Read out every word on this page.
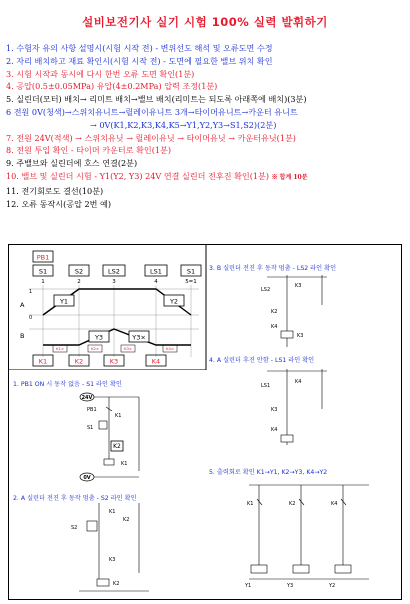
설비보전기사 실기 시험 100% 실력 발휘하기
1. 수험자 유의 사항 설명시(시험 시작 전) - 변위선도 해석 및 오류도면 수정
2. 자리 배치하고 재료 확인시(시험 시작 전) - 도면에 필요한 밸브 위치 확인
3. 시험 시작과 동시에 다시 한번 오류 도면 확인(1분)
4. 공압(0.5±0.05MPa) 유압(4±0.2MPa) 압력 조정(1분)
5. 실린더(모터) 배치→ 리미트 배치→밸브 배치(리미트는 되도록 아래쪽에 배치)(3분)
6 전원 0V(청색)→스위치유니트→릴레이유니트 3개→타이머유니트→카운터 유니트
→ 0V(K1,K2,K3,K4,K5→Y1,Y2,Y3→S1,S2)(2분)
7. 전원 24V(적색) → 스위치유닛 → 릴레이유닛 → 타이머유닛 → 카운터유닛(1분)
8. 전원 투입 확인 - 타이머 카운터로 확인(1분)
9. 주밸브와 실린더에 호스 연결(2분)
10. 밸브 및 실린더 시험 - Y1(Y2, Y3) 24V 연결 실린더 전후진 확인(1분) ※ 합계 10분
11. 전기회로도 결선(10분)
12. 오류 동작시(공압 2번 예)
PB1
S1	S2	LS2	LS1	S1
1	2	3	4	5=1
A
B
1
0
Y1	Y2
Y3	Y3×
K1×	K2×	K3×	K4×
K1	K2	K3	K4
1. PB1 ON 시 동작 없음 - S1 라인 확인
2. A 실린더 전진 후 동작 멈춤 - S2 라인 확인
3. B 실린더 전진 후 동작 멈춤 - LS2 라인 확인
4. A 실린더 후진 안함 - LS1 라인 확인
5. 출력회로 확인 K1→Y1, K2→Y3, K4→Y2
24V
PB1
S1
K1
K2
K1
0V
S2
K1
K2
K3
K2
LS2
K3
K2
K4
K3
LS1
K4
K3
K4
K1	K2	K4
Y1	Y3	Y2
